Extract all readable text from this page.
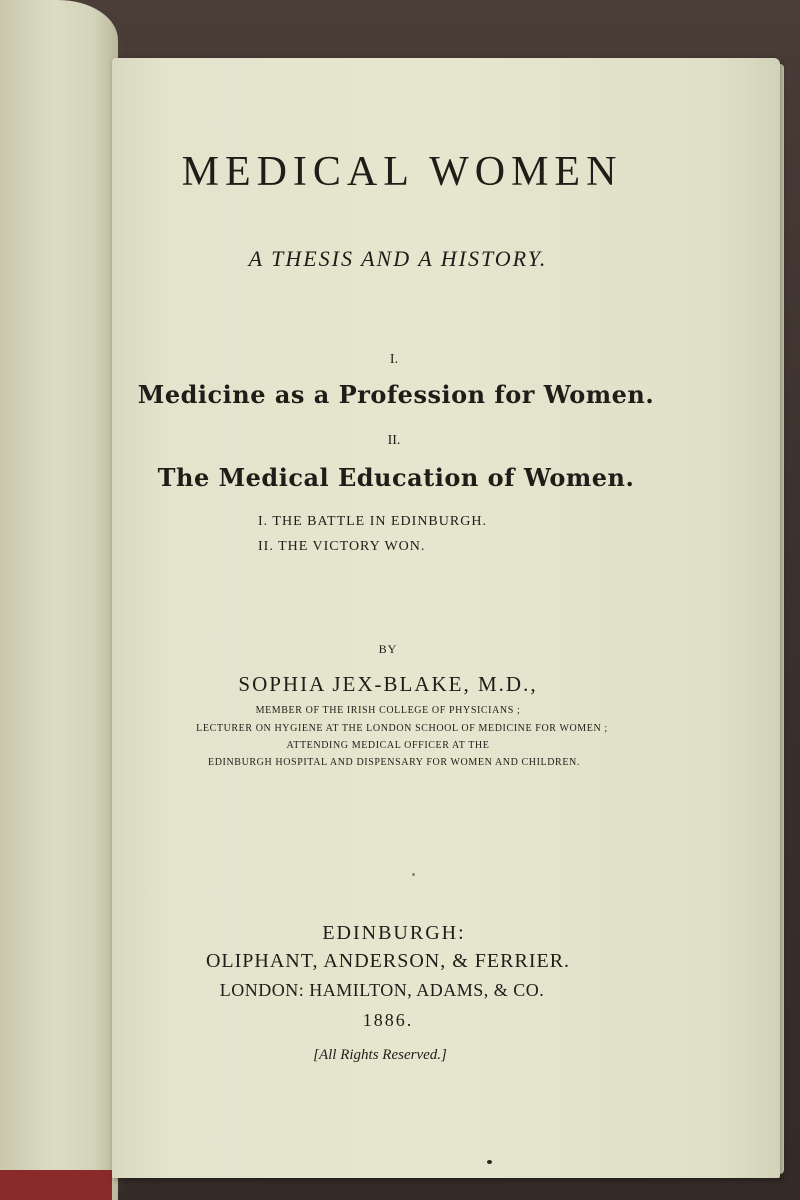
MEDICAL WOMEN
A THESIS AND A HISTORY.
I.
Medicine as a Profession for Women.
II.
The Medical Education of Women.
I. THE BATTLE IN EDINBURGH.
II. THE VICTORY WON.
BY
SOPHIA JEX-BLAKE, M.D.,
MEMBER OF THE IRISH COLLEGE OF PHYSICIANS ;
LECTURER ON HYGIENE AT THE LONDON SCHOOL OF MEDICINE FOR WOMEN ;
ATTENDING MEDICAL OFFICER AT THE
EDINBURGH HOSPITAL AND DISPENSARY FOR WOMEN AND CHILDREN.
EDINBURGH:
OLIPHANT, ANDERSON, & FERRIER.
LONDON: HAMILTON, ADAMS, & CO.
1886.
[All Rights Reserved.]
